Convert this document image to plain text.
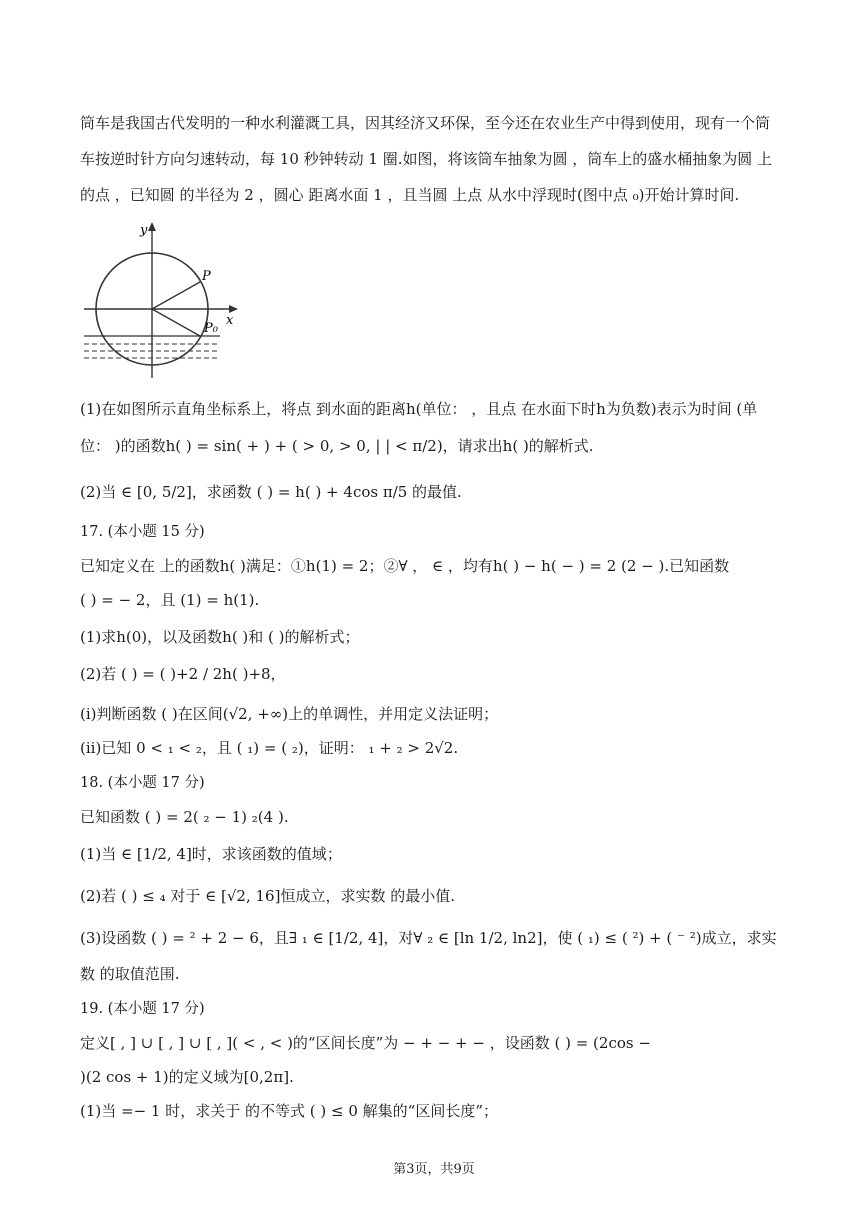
筒车是我国古代发明的一种水利灌溉工具，因其经济又环保，至今还在农业生产中得到使用，现有一个筒
车按逆时针方向匀速转动，每 10 秒钟转动 1 圈.如图，将该筒车抽象为圆 ，筒车上的盛水桶抽象为圆 上
的点 ，已知圆 的半径为 2 ，圆心 距离水面 1 ，且当圆 上点 从水中浮现时(图中点 ₀)开始计算时间.
y
x
P
P₀
(1)在如图所示直角坐标系上，将点 到水面的距离h(单位： ，且点 在水面下时h为负数)表示为时间 (单
位： )的函数h( ) = sin( + ) + ( > 0, > 0, | | < π/2)，请求出h( )的解析式.
(2)当 ∈ [0, 5/2]，求函数 ( ) = h( ) + 4cos π/5 的最值.
17. (本小题 15 分)
已知定义在 上的函数h( )满足：①h(1) = 2；②∀ ， ∈ ，均有h( ) − h( − ) = 2 (2 − ).已知函数
( ) = − 2，且 (1) = h(1).
(1)求h(0)，以及函数h( )和 ( )的解析式；
(2)若 ( ) = ( )+2 / 2h( )+8，
(i)判断函数 ( )在区间(√2, +∞)上的单调性，并用定义法证明；
(ii)已知 0 < ₁ < ₂，且 ( ₁) = ( ₂)，证明： ₁ + ₂ > 2√2.
18. (本小题 17 分)
已知函数 ( ) = 2( ₂ − 1) ₂(4 ).
(1)当 ∈ [1/2, 4]时，求该函数的值域；
(2)若 ( ) ≤ ₄ 对于 ∈ [√2, 16]恒成立，求实数 的最小值.
(3)设函数 ( ) = ² + 2 − 6，且∃ ₁ ∈ [1/2, 4]，对∀ ₂ ∈ [ln 1/2, ln2]，使 ( ₁) ≤ ( ²) + ( ⁻ ²)成立，求实
数 的取值范围.
19. (本小题 17 分)
定义[ , ] ∪ [ , ] ∪ [ , ]( < , < )的“区间长度”为 − + − + − ，设函数 ( ) = (2cos −
)(2 cos + 1)的定义域为[0,2π].
(1)当 =− 1 时，求关于 的不等式 ( ) ≤ 0 解集的“区间长度”；
第3页，共9页
